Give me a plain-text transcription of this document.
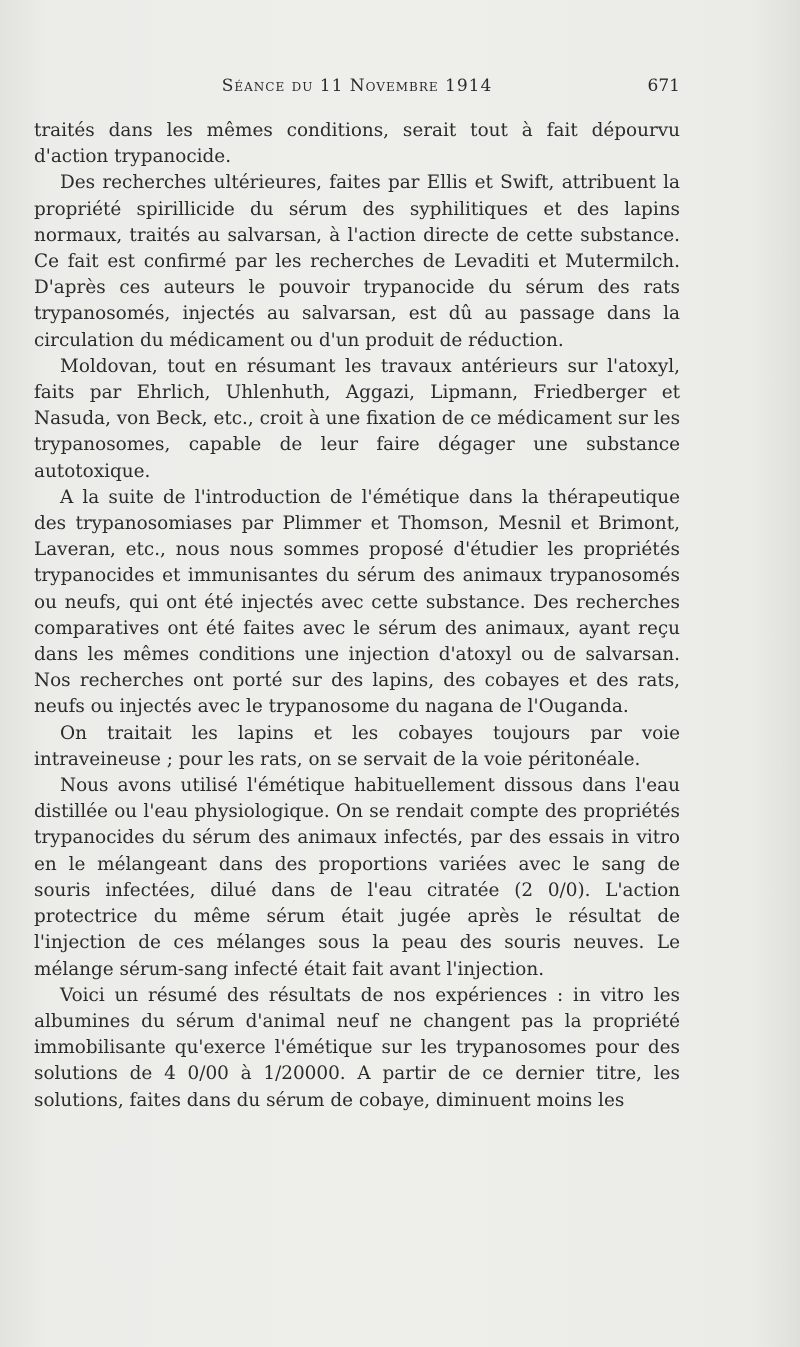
Séance du 11 Novembre 1914	671

traités dans les mêmes conditions, serait tout à fait dépourvu d'action trypanocide.

Des recherches ultérieures, faites par Ellis et Swift, attribuent la propriété spirillicide du sérum des syphilitiques et des lapins normaux, traités au salvarsan, à l'action directe de cette substance. Ce fait est confirmé par les recherches de Levaditi et Mutermilch. D'après ces auteurs le pouvoir trypanocide du sérum des rats trypanosomés, injectés au salvarsan, est dû au passage dans la circulation du médicament ou d'un produit de réduction.

Moldovan, tout en résumant les travaux antérieurs sur l'atoxyl, faits par Ehrlich, Uhlenhuth, Aggazi, Lipmann, Friedberger et Nasuda, von Beck, etc., croit à une fixation de ce médicament sur les trypanosomes, capable de leur faire dégager une substance autotoxique.

A la suite de l'introduction de l'émétique dans la thérapeutique des trypanosomiases par Plimmer et Thomson, Mesnil et Brimont, Laveran, etc., nous nous sommes proposé d'étudier les propriétés trypanocides et immunisantes du sérum des animaux trypanosomés ou neufs, qui ont été injectés avec cette substance. Des recherches comparatives ont été faites avec le sérum des animaux, ayant reçu dans les mêmes conditions une injection d'atoxyl ou de salvarsan. Nos recherches ont porté sur des lapins, des cobayes et des rats, neufs ou injectés avec le trypanosome du nagana de l'Ouganda.

On traitait les lapins et les cobayes toujours par voie intraveineuse ; pour les rats, on se servait de la voie péritonéale.

Nous avons utilisé l'émétique habituellement dissous dans l'eau distillée ou l'eau physiologique. On se rendait compte des propriétés trypanocides du sérum des animaux infectés, par des essais in vitro en le mélangeant dans des proportions variées avec le sang de souris infectées, dilué dans de l'eau citratée (2 0/0). L'action protectrice du même sérum était jugée après le résultat de l'injection de ces mélanges sous la peau des souris neuves. Le mélange sérum-sang infecté était fait avant l'injection.

Voici un résumé des résultats de nos expériences : in vitro les albumines du sérum d'animal neuf ne changent pas la propriété immobilisante qu'exerce l'émétique sur les trypanosomes pour des solutions de 4 0/00 à 1/20000. A partir de ce dernier titre, les solutions, faites dans du sérum de cobaye, diminuent moins les
